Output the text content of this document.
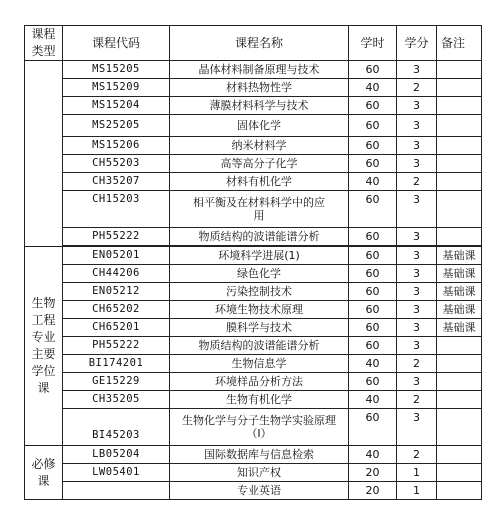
课程类型	课程代码	课程名称	学时	学分	备注
	MS15205	晶体材料制备原理与技术	60	3	
	MS15209	材料热物性学	40	2	
	MS15204	薄膜材料科学与技术	60	3	
	MS25205	固体化学	60	3	
	MS15206	纳米材料学	60	3	
	CH55203	高等高分子化学	60	3	
	CH35207	材料有机化学	40	2	
	CH15203	相平衡及在材料科学中的应用	60	3	
	PH55222	物质结构的波谱能谱分析	60	3	

生物工程专业主要学位课	EN05201	环境科学进展(1)	60	3	基础课
	CH44206	绿色化学	60	3	基础课
	EN05212	污染控制技术	60	3	基础课
	CH65202	环境生物技术原理	60	3	基础课
	CH65201	膜科学与技术	60	3	基础课
	PH55222	物质结构的波谱能谱分析	60	3	
	BI174201	生物信息学	40	2	
	GE15229	环境样品分析方法	60	3	
	CH35205	生物有机化学	40	2	
	BI45203	生物化学与分子生物学实验原理（I）	60	3	
必修课	LB05204	国际数据库与信息检索	40	2	
	LW05401	知识产权	20	1	
		专业英语	20	1	
